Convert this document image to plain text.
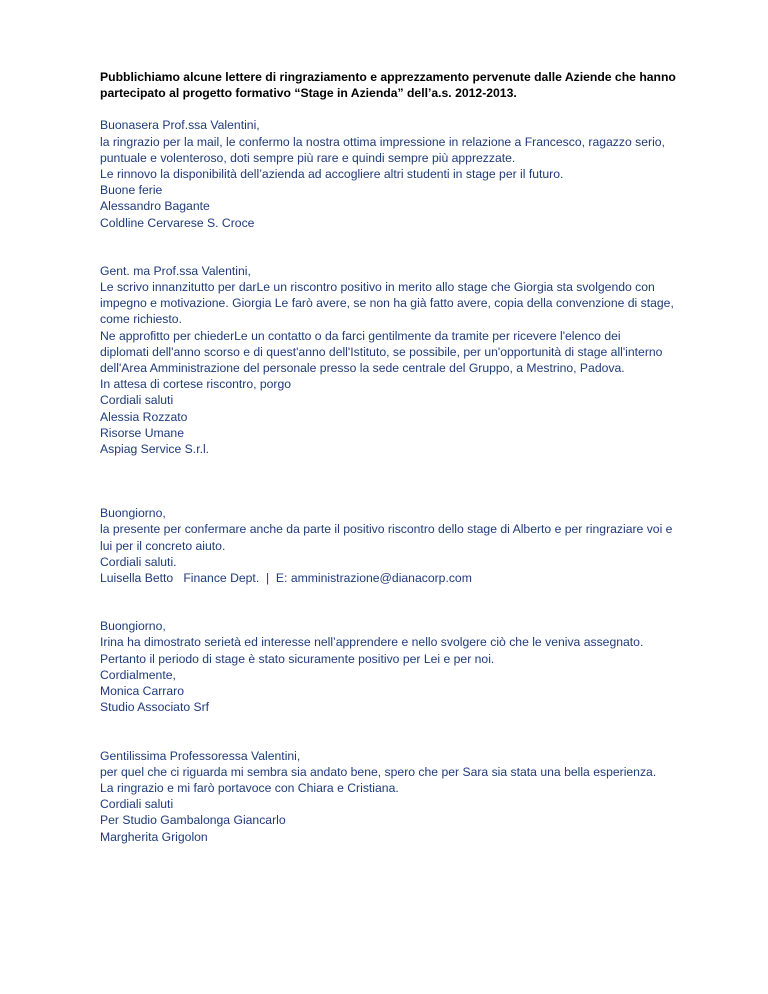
Pubblichiamo alcune lettere di ringraziamento e apprezzamento pervenute dalle Aziende che hanno
partecipato al progetto formativo “Stage in Azienda” dell’a.s. 2012-2013.
Buonasera Prof.ssa Valentini,
la ringrazio per la mail, le confermo la nostra ottima impressione in relazione a Francesco, ragazzo serio,
puntuale e volenteroso, doti sempre più rare e quindi sempre più apprezzate.
Le rinnovo la disponibilità dell’azienda ad accogliere altri studenti in stage per il futuro.
Buone ferie
Alessandro Bagante
Coldline Cervarese S. Croce
Gent. ma Prof.ssa Valentini,
Le scrivo innanzitutto per darLe un riscontro positivo in merito allo stage che Giorgia sta svolgendo con
impegno e motivazione. Giorgia Le farò avere, se non ha già fatto avere, copia della convenzione di stage,
come richiesto.
Ne approfitto per chiederLe un contatto o da farci gentilmente da tramite per ricevere l'elenco dei
diplomati dell'anno scorso e di quest'anno dell'Istituto, se possibile, per un'opportunità di stage all'interno
dell'Area Amministrazione del personale presso la sede centrale del Gruppo, a Mestrino, Padova.
In attesa di cortese riscontro, porgo
Cordiali saluti
Alessia Rozzato
Risorse Umane
Aspiag Service S.r.l.
Buongiorno,
la presente per confermare anche da parte il positivo riscontro dello stage di Alberto e per ringraziare voi e
lui per il concreto aiuto.
Cordiali saluti.
Luisella Betto   Finance Dept.  |  E: amministrazione@dianacorp.com
Buongiorno,
Irina ha dimostrato serietà ed interesse nell’apprendere e nello svolgere ciò che le veniva assegnato.
Pertanto il periodo di stage è stato sicuramente positivo per Lei e per noi.
Cordialmente,
Monica Carraro
Studio Associato Srf
Gentilissima Professoressa Valentini,
per quel che ci riguarda mi sembra sia andato bene, spero che per Sara sia stata una bella esperienza.
La ringrazio e mi farò portavoce con Chiara e Cristiana.
Cordiali saluti
Per Studio Gambalonga Giancarlo
Margherita Grigolon
